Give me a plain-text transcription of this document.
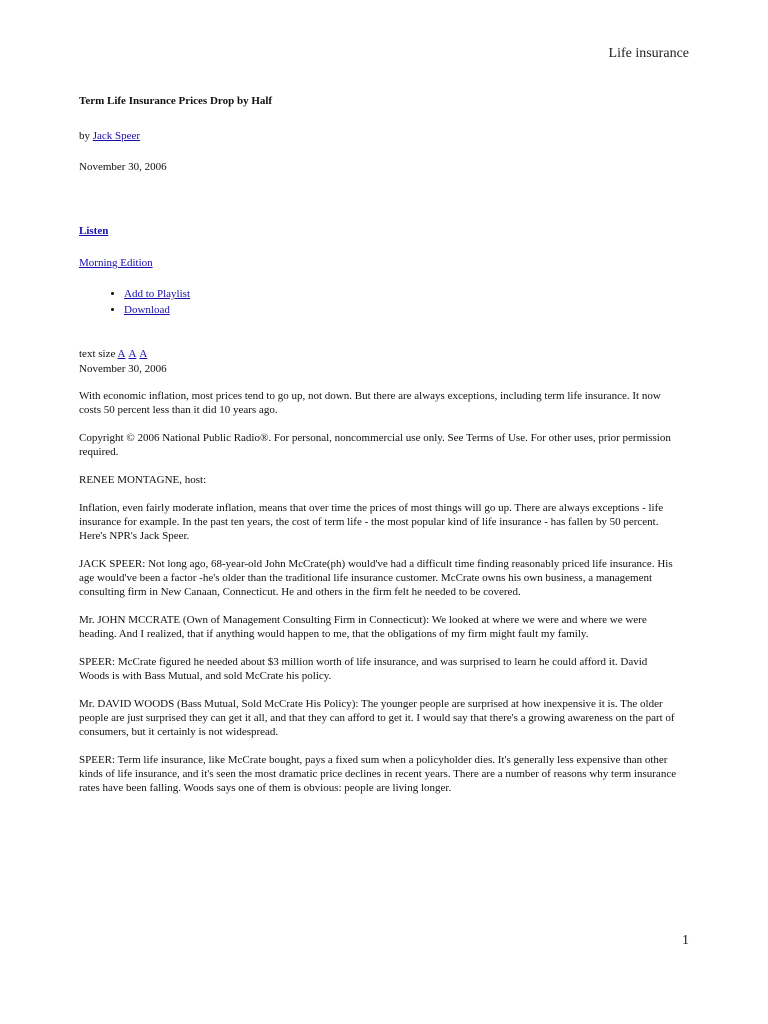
Life insurance

Term Life Insurance Prices Drop by Half

by Jack Speer
November 30, 2006
Listen
Morning Edition
• Add to Playlist
• Download
text size A A A
November 30, 2006
With economic inflation, most prices tend to go up, not down. But there are always exceptions, including term life insurance. It now costs 50 percent less than it did 10 years ago.
Copyright © 2006 National Public Radio®. For personal, noncommercial use only. See Terms of Use. For other uses, prior permission required.
RENEE MONTAGNE, host:
Inflation, even fairly moderate inflation, means that over time the prices of most things will go up. There are always exceptions - life insurance for example. In the past ten years, the cost of term life - the most popular kind of life insurance - has fallen by 50 percent. Here's NPR's Jack Speer.
JACK SPEER: Not long ago, 68-year-old John McCrate(ph) would've had a difficult time finding reasonably priced life insurance. His age would've been a factor -he's older than the traditional life insurance customer. McCrate owns his own business, a management consulting firm in New Canaan, Connecticut. He and others in the firm felt he needed to be covered.
Mr. JOHN MCCRATE (Own of Management Consulting Firm in Connecticut): We looked at where we were and where we were heading. And I realized, that if anything would happen to me, that the obligations of my firm might fault my family.
SPEER: McCrate figured he needed about $3 million worth of life insurance, and was surprised to learn he could afford it. David Woods is with Bass Mutual, and sold McCrate his policy.
Mr. DAVID WOODS (Bass Mutual, Sold McCrate His Policy): The younger people are surprised at how inexpensive it is. The older people are just surprised they can get it all, and that they can afford to get it. I would say that there's a growing awareness on the part of consumers, but it certainly is not widespread.
SPEER: Term life insurance, like McCrate bought, pays a fixed sum when a policyholder dies. It's generally less expensive than other kinds of life insurance, and it's seen the most dramatic price declines in recent years. There are a number of reasons why term insurance rates have been falling. Woods says one of them is obvious: people are living longer.
1
